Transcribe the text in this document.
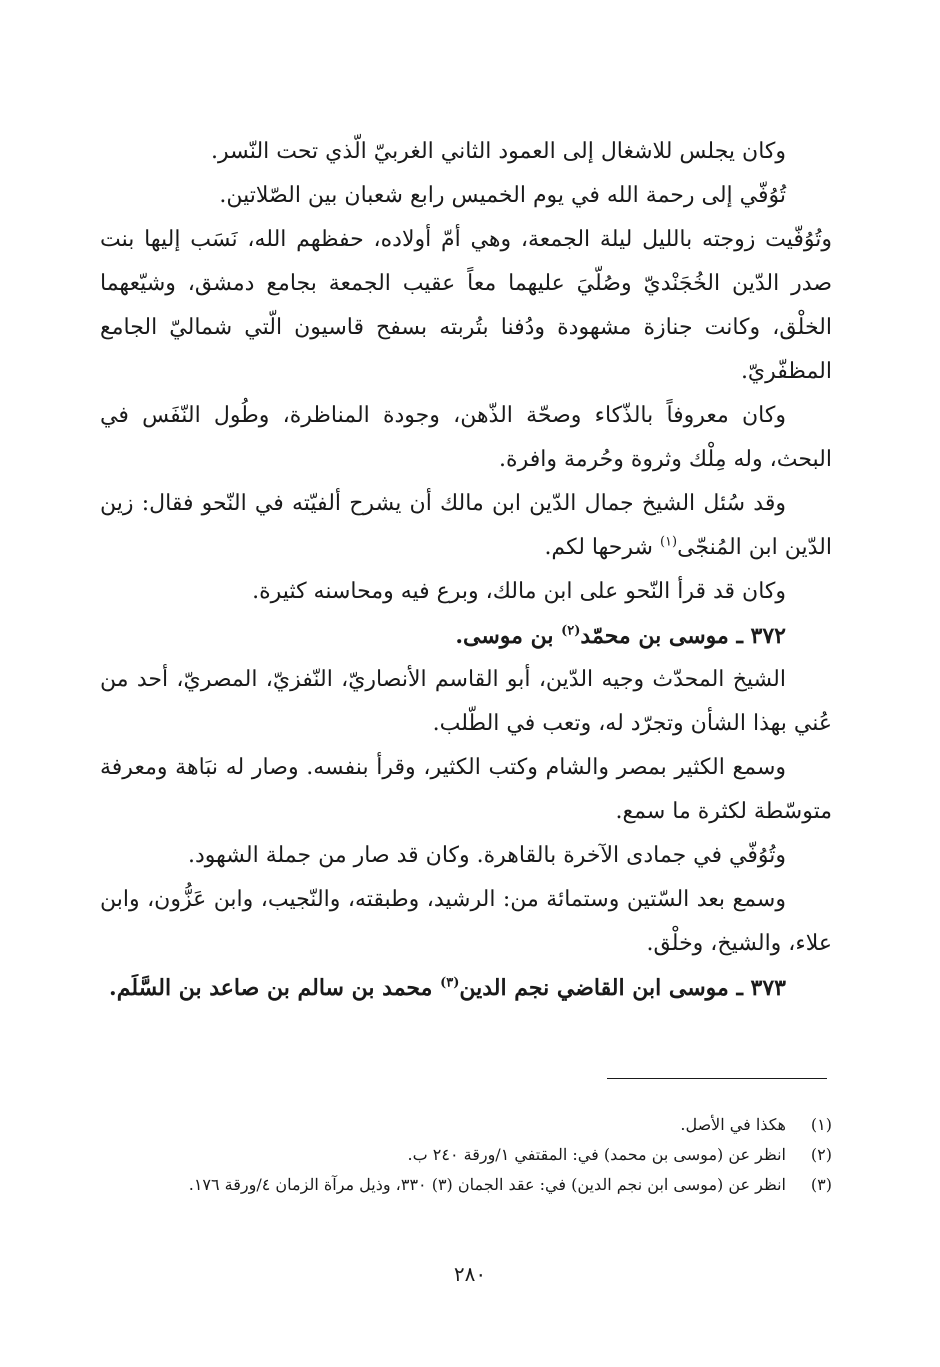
وكان يجلس للاشغال إلى العمود الثاني الغربيّ الّذي تحت النّسر.

تُوُفّي إلى رحمة الله في يوم الخميس رابع شعبان بين الصّلاتين.

وتُوُفّيت زوجته بالليل ليلة الجمعة، وهي أمّ أولاده، حفظهم الله، نَسَب إليها بنت صدر الدّين الخُجَنْديّ وصُلّيَ عليهما معاً عقيب الجمعة بجامع دمشق، وشيّعهما الخلْق، وكانت جنازة مشهودة ودُفنا بتُربته بسفح قاسيون الّتي شماليّ الجامع المظفّريّ.

وكان معروفاً بالذّكاء وصحّة الذّهن، وجودة المناظرة، وطُول النّفَس في البحث، وله مِلْك وثروة وحُرمة وافرة.

وقد سُئل الشيخ جمال الدّين ابن مالك أن يشرح ألفيّته في النّحو فقال: زين الدّين ابن المُنجّى$^{(١)}$ شرحها لكم.

وكان قد قرأ النّحو على ابن مالك، وبرع فيه ومحاسنه كثيرة.

٣٧٢ ـ موسى بن محمّد$^{(٢)}$ بن موسى.

الشيخ المحدّث وجيه الدّين، أبو القاسم الأنصاريّ، النّفزيّ، المصريّ، أحد من عُني بهذا الشأن وتجرّد له، وتعب في الطّلب.

وسمع الكثير بمصر والشام وكتب الكثير، وقرأ بنفسه. وصار له نبَاهة ومعرفة متوسّطة لكثرة ما سمع.

وتُوُفّي في جمادى الآخرة بالقاهرة. وكان قد صار من جملة الشهود.

وسمع بعد السّتين وستمائة من: الرشيد، وطبقته، والنّجيب، وابن عَزُّون، وابن علاء، والشيخ، وخلْق.

٣٧٣ ـ موسى ابن القاضي نجم الدين$^{(٣)}$ محمد بن سالم بن صاعد بن السَّلَم.

(١)
هكذا في الأصل.
(٢)
انظر عن (موسى بن محمد) في: المقتفي ١/ورقة ٢٤٠ ب.
(٣)
انظر عن (موسى ابن نجم الدين) في: عقد الجمان (٣) ٣٣٠، وذيل مرآة الزمان ٤/ورقة ١٧٦.
٢٨٠
